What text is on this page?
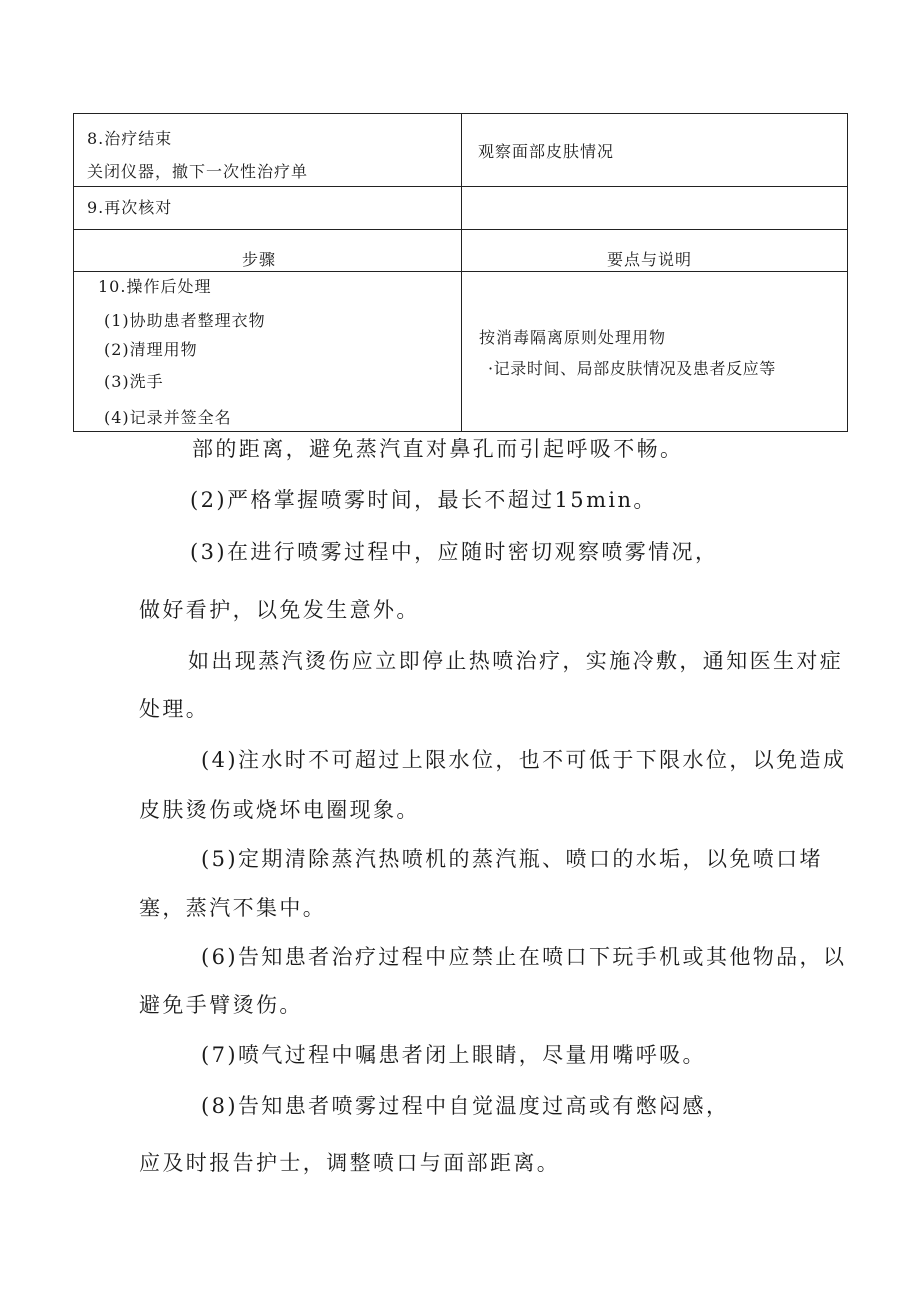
8.治疗结束
关闭仪器，撤下一次性治疗单
观察面部皮肤情况
9.再次核对
步骤	要点与说明
10.操作后处理
(1)协助患者整理衣物
(2)清理用物
(3)洗手
(4)记录并签全名
按消毒隔离原则处理用物
·记录时间、局部皮肤情况及患者反应等

部的距离，避免蒸汽直对鼻孔而引起呼吸不畅。

(2)严格掌握喷雾时间，最长不超过15min。

(3)在进行喷雾过程中，应随时密切观察喷雾情况，

做好看护，以免发生意外。

如出现蒸汽烫伤应立即停止热喷治疗，实施冷敷，通知医生对症

处理。

(4)注水时不可超过上限水位，也不可低于下限水位，以免造成

皮肤烫伤或烧坏电圈现象。

(5)定期清除蒸汽热喷机的蒸汽瓶、喷口的水垢，以免喷口堵

塞，蒸汽不集中。

(6)告知患者治疗过程中应禁止在喷口下玩手机或其他物品，以

避免手臂烫伤。

(7)喷气过程中嘱患者闭上眼睛，尽量用嘴呼吸。

(8)告知患者喷雾过程中自觉温度过高或有憋闷感，

应及时报告护士，调整喷口与面部距离。
